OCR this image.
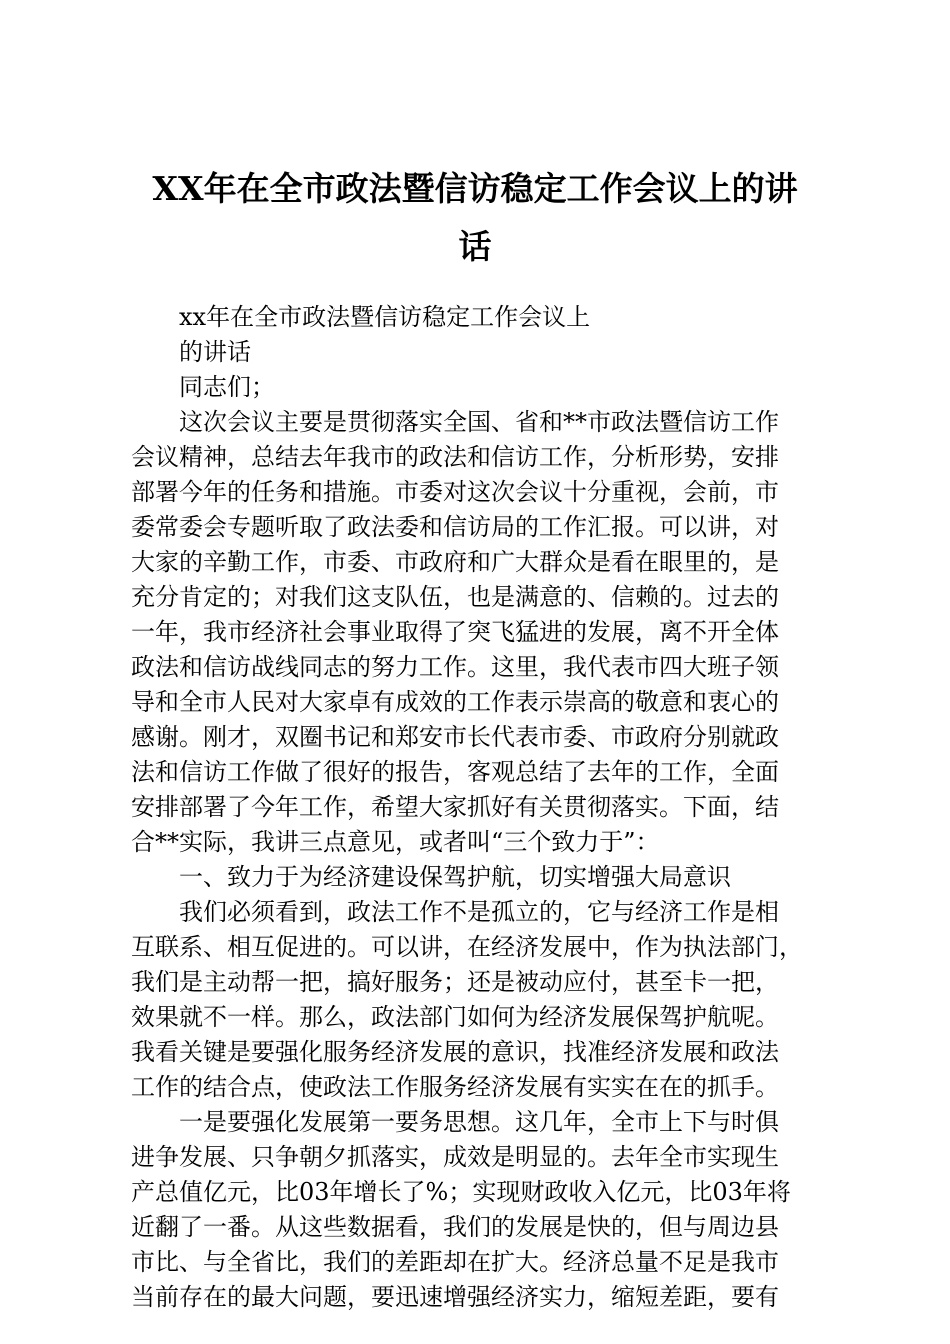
XX年在全市政法暨信访稳定工作会议上的讲
话
xx年在全市政法暨信访稳定工作会议上
的讲话
同志们；
这次会议主要是贯彻落实全国、省和**市政法暨信访工作
会议精神，总结去年我市的政法和信访工作，分析形势，安排
部署今年的任务和措施。市委对这次会议十分重视，会前，市
委常委会专题听取了政法委和信访局的工作汇报。可以讲，对
大家的辛勤工作，市委、市政府和广大群众是看在眼里的，是
充分肯定的；对我们这支队伍，也是满意的、信赖的。过去的
一年，我市经济社会事业取得了突飞猛进的发展，离不开全体
政法和信访战线同志的努力工作。这里，我代表市四大班子领
导和全市人民对大家卓有成效的工作表示崇高的敬意和衷心的
感谢。刚才，双圈书记和郑安市长代表市委、市政府分别就政
法和信访工作做了很好的报告，客观总结了去年的工作，全面
安排部署了今年工作，希望大家抓好有关贯彻落实。下面，结
合**实际，我讲三点意见，或者叫“三个致力于”：
一、致力于为经济建设保驾护航，切实增强大局意识
我们必须看到，政法工作不是孤立的，它与经济工作是相
互联系、相互促进的。可以讲，在经济发展中，作为执法部门，
我们是主动帮一把，搞好服务；还是被动应付，甚至卡一把，
效果就不一样。那么，政法部门如何为经济发展保驾护航呢。
我看关键是要强化服务经济发展的意识，找准经济发展和政法
工作的结合点，使政法工作服务经济发展有实实在在的抓手。
一是要强化发展第一要务思想。这几年，全市上下与时俱
进争发展、只争朝夕抓落实，成效是明显的。去年全市实现生
产总值亿元，比03年增长了%；实现财政收入亿元，比03年将
近翻了一番。从这些数据看，我们的发展是快的，但与周边县
市比、与全省比，我们的差距却在扩大。经济总量不足是我市
当前存在的最大问题，要迅速增强经济实力，缩短差距，要有
